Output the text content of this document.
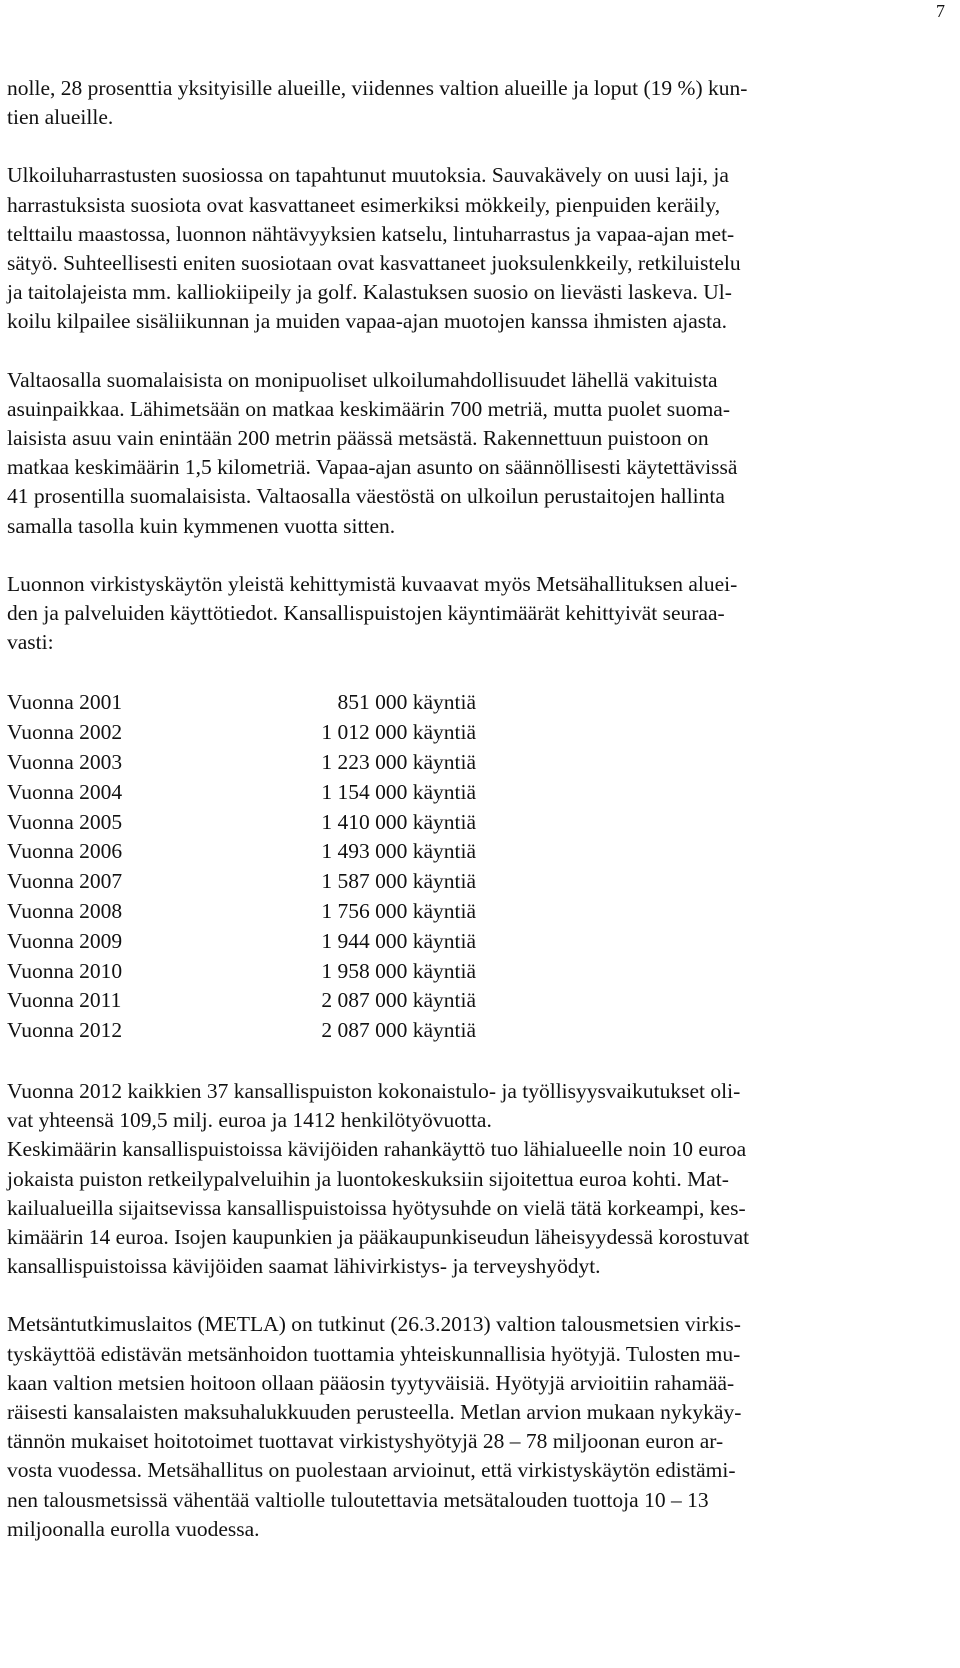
7

nolle, 28 prosenttia yksityisille alueille, viidennes valtion alueille ja loput (19 %) kun-
tien alueille.

Ulkoiluharrastusten suosiossa on tapahtunut muutoksia. Sauvakävely on uusi laji, ja
harrastuksista suosiota ovat kasvattaneet esimerkiksi mökkeily, pienpuiden keräily,
telttailu maastossa, luonnon nähtävyyksien katselu, lintuharrastus ja vapaa-ajan met-
sätyö. Suhteellisesti eniten suosiotaan ovat kasvattaneet juoksulenkkeily, retkiluistelu
ja taitolajeista mm. kalliokiipeily ja golf. Kalastuksen suosio on lievästi laskeva. Ul-
koilu kilpailee sisäliikunnan ja muiden vapaa-ajan muotojen kanssa ihmisten ajasta.

Valtaosalla suomalaisista on monipuoliset ulkoilumahdollisuudet lähellä vakituista
asuinpaikkaa. Lähimetsään on matkaa keskimäärin 700 metriä, mutta puolet suoma-
laisista asuu vain enintään 200 metrin päässä metsästä. Rakennettuun puistoon on
matkaa keskimäärin 1,5 kilometriä. Vapaa-ajan asunto on säännöllisesti käytettävissä
41 prosentilla suomalaisista. Valtaosalla väestöstä on ulkoilun perustaitojen hallinta
samalla tasolla kuin kymmenen vuotta sitten.

Luonnon virkistyskäytön yleistä kehittymistä kuvaavat myös Metsähallituksen aluei-
den ja palveluiden käyttötiedot. Kansallispuistojen käyntimäärät kehittyivät seuraa-
vasti:

Vuonna 2001	851 000 käyntiä
Vuonna 2002	1 012 000 käyntiä
Vuonna 2003	1 223 000 käyntiä
Vuonna 2004	1 154 000 käyntiä
Vuonna 2005	1 410 000 käyntiä
Vuonna 2006	1 493 000 käyntiä
Vuonna 2007	1 587 000 käyntiä
Vuonna 2008	1 756 000 käyntiä
Vuonna 2009	1 944 000 käyntiä
Vuonna 2010	1 958 000 käyntiä
Vuonna 2011	2 087 000 käyntiä
Vuonna 2012	2 087 000 käyntiä

Vuonna 2012 kaikkien 37 kansallispuiston kokonaistulo- ja työllisyysvaikutukset oli-
vat yhteensä 109,5 milj. euroa ja 1412 henkilötyövuotta.

Keskimäärin kansallispuistoissa kävijöiden rahankäyttö tuo lähialueelle noin 10 euroa
jokaista puiston retkeilypalveluihin ja luontokeskuksiin sijoitettua euroa kohti. Mat-
kailualueilla sijaitsevissa kansallispuistoissa hyötysuhde on vielä tätä korkeampi, kes-
kimäärin 14 euroa. Isojen kaupunkien ja pääkaupunkiseudun läheisyydessä korostuvat
kansallispuistoissa kävijöiden saamat lähivirkistys- ja terveyshyödyt.

Metsäntutkimuslaitos (METLA) on tutkinut (26.3.2013) valtion talousmetsien virkis-
tyskäyttöä edistävän metsänhoidon tuottamia yhteiskunnallisia hyötyjä. Tulosten mu-
kaan valtion metsien hoitoon ollaan pääosin tyytyväisiä. Hyötyjä arvioitiin rahamää-
räisesti kansalaisten maksuhalukkuuden perusteella. Metlan arvion mukaan nykykäy-
tännön mukaiset hoitotoimet tuottavat virkistyshyötyjä 28 – 78 miljoonan euron ar-
vosta vuodessa. Metsähallitus on puolestaan arvioinut, että virkistyskäytön edistämi-
nen talousmetsissä vähentää valtiolle tuloutettavia metsätalouden tuottoja 10 – 13
miljoonalla eurolla vuodessa.
